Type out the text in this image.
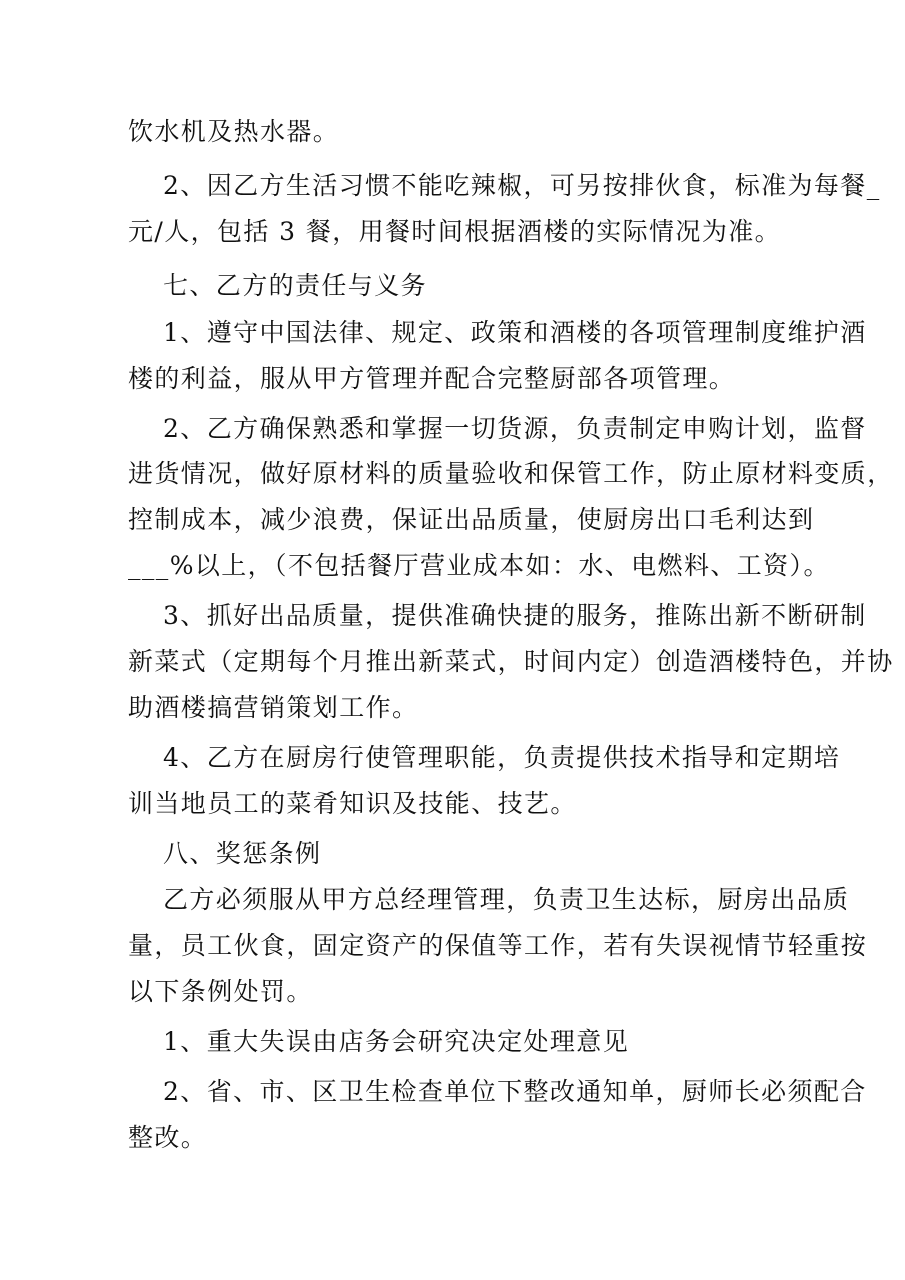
饮水机及热水器。
2、因乙方生活习惯不能吃辣椒，可另按排伙食，标准为每餐_
元/人，包括 3 餐，用餐时间根据酒楼的实际情况为准。
七、乙方的责任与义务
1、遵守中国法律、规定、政策和酒楼的各项管理制度维护酒
楼的利益，服从甲方管理并配合完整厨部各项管理。
2、乙方确保熟悉和掌握一切货源，负责制定申购计划，监督
进货情况，做好原材料的质量验收和保管工作，防止原材料变质，
控制成本，减少浪费，保证出品质量，使厨房出口毛利达到
___%以上，（不包括餐厅营业成本如：水、电燃料、工资）。
3、抓好出品质量，提供准确快捷的服务，推陈出新不断研制
新菜式（定期每个月推出新菜式，时间内定）创造酒楼特色，并协
助酒楼搞营销策划工作。
4、乙方在厨房行使管理职能，负责提供技术指导和定期培
训当地员工的菜肴知识及技能、技艺。
八、奖惩条例
乙方必须服从甲方总经理管理，负责卫生达标，厨房出品质
量，员工伙食，固定资产的保值等工作，若有失误视情节轻重按
以下条例处罚。
1、重大失误由店务会研究决定处理意见
2、省、市、区卫生检查单位下整改通知单，厨师长必须配合
整改。
